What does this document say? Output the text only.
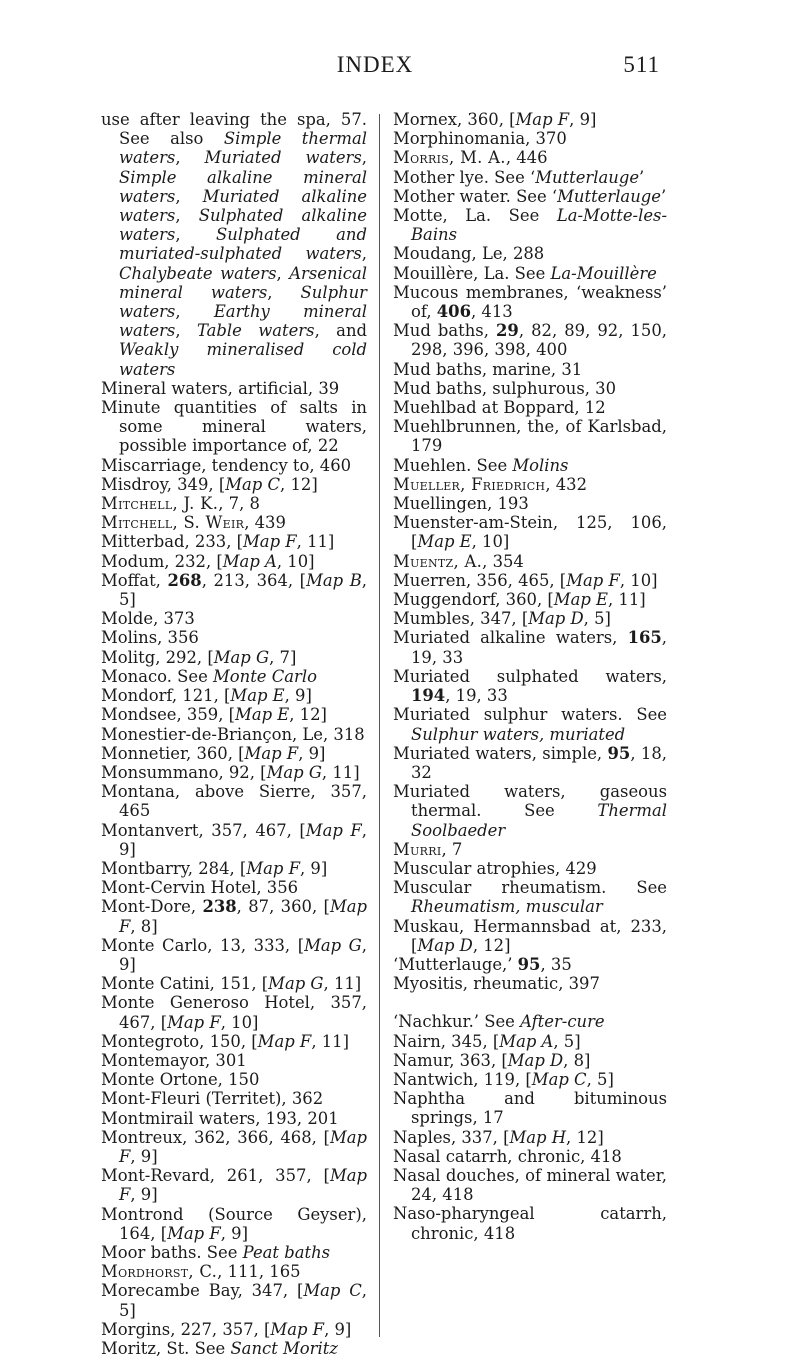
INDEX	511
use after leaving the spa, 57. See also Simple thermal waters, Muriated waters, Simple alkaline mineral waters, Muriated alkaline waters, Sulphated alkaline waters, Sulphated and muriated-sulphated waters, Chalybeate waters, Arsenical mineral waters, Sulphur waters, Earthy mineral waters, Table waters, and Weakly mineralised cold waters
Mineral waters, artificial, 39
Minute quantities of salts in some mineral waters, possible importance of, 22
Miscarriage, tendency to, 460
Misdroy, 349, [Map C, 12]
Mitchell, J. K., 7, 8
Mitchell, S. Weir, 439
Mitterbad, 233, [Map F, 11]
Modum, 232, [Map A, 10]
Moffat, 268, 213, 364, [Map B, 5]
Molde, 373
Molins, 356
Molitg, 292, [Map G, 7]
Monaco. See Monte Carlo
Mondorf, 121, [Map E, 9]
Mondsee, 359, [Map E, 12]
Monestier-de-Briançon, Le, 318
Monnetier, 360, [Map F, 9]
Monsummano, 92, [Map G, 11]
Montana, above Sierre, 357, 465
Montanvert, 357, 467, [Map F, 9]
Montbarry, 284, [Map F, 9]
Mont-Cervin Hotel, 356
Mont-Dore, 238, 87, 360, [Map F, 8]
Monte Carlo, 13, 333, [Map G, 9]
Monte Catini, 151, [Map G, 11]
Monte Generoso Hotel, 357, 467, [Map F, 10]
Montegroto, 150, [Map F, 11]
Montemayor, 301
Monte Ortone, 150
Mont-Fleuri (Territet), 362
Montmirail waters, 193, 201
Montreux, 362, 366, 468, [Map F, 9]
Mont-Revard, 261, 357, [Map F, 9]
Montrond (Source Geyser), 164, [Map F, 9]
Moor baths. See Peat baths
Mordhorst, C., 111, 165
Morecambe Bay, 347, [Map C, 5]
Morgins, 227, 357, [Map F, 9]
Moritz, St. See Sanct Moritz
Mornex, 360, [Map F, 9]
Morphinomania, 370
Morris, M. A., 446
Mother lye. See ‘Mutterlauge’
Mother water. See ‘Mutterlauge’
Motte, La. See La-Motte-les-Bains
Moudang, Le, 288
Mouillère, La. See La-Mouillère
Mucous membranes, ‘weakness’ of, 406, 413
Mud baths, 29, 82, 89, 92, 150, 298, 396, 398, 400
Mud baths, marine, 31
Mud baths, sulphurous, 30
Muehlbad at Boppard, 12
Muehlbrunnen, the, of Karlsbad, 179
Muehlen. See Molins
Mueller, Friedrich, 432
Muellingen, 193
Muenster-am-Stein, 125, 106, [Map E, 10]
Muentz, A., 354
Muerren, 356, 465, [Map F, 10]
Muggendorf, 360, [Map E, 11]
Mumbles, 347, [Map D, 5]
Muriated alkaline waters, 165, 19, 33
Muriated sulphated waters, 194, 19, 33
Muriated sulphur waters. See Sulphur waters, muriated
Muriated waters, simple, 95, 18, 32
Muriated waters, gaseous thermal. See Thermal Soolbaeder
Murri, 7
Muscular atrophies, 429
Muscular rheumatism. See Rheumatism, muscular
Muskau, Hermannsbad at, 233, [Map D, 12]
‘Mutterlauge,’ 95, 35
Myositis, rheumatic, 397
‘Nachkur.’ See After-cure
Nairn, 345, [Map A, 5]
Namur, 363, [Map D, 8]
Nantwich, 119, [Map C, 5]
Naphtha and bituminous springs, 17
Naples, 337, [Map H, 12]
Nasal catarrh, chronic, 418
Nasal douches, of mineral water, 24, 418
Naso-pharyngeal catarrh, chronic, 418
